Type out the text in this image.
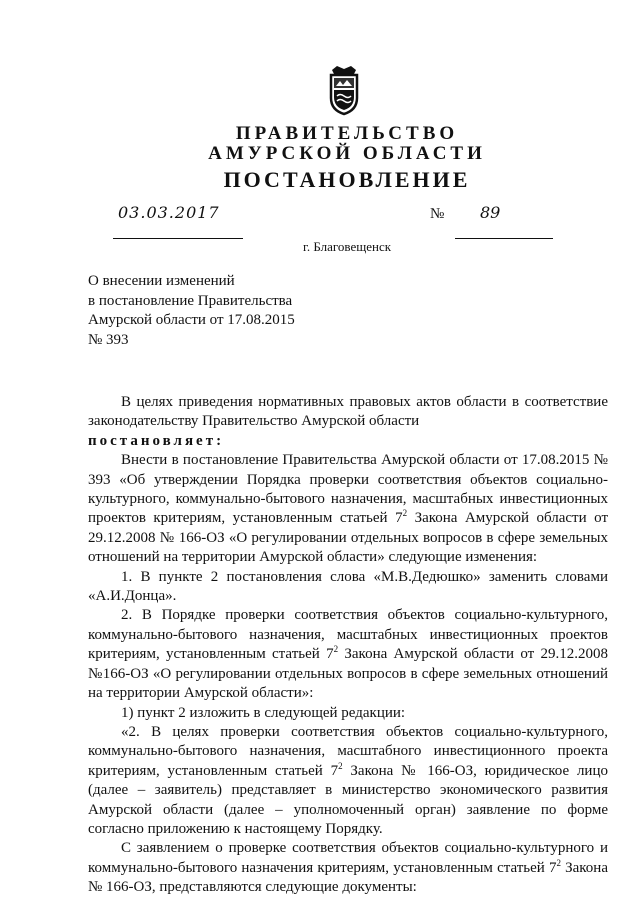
ПРАВИТЕЛЬСТВО
АМУРСКОЙ ОБЛАСТИ
ПОСТАНОВЛЕНИЕ
03.03.2017	№ 89
г. Благовещенск
О внесении изменений
в постановление Правительства
Амурской области от 17.08.2015
№ 393

В целях приведения нормативных правовых актов области в соответствие законодательству Правительство Амурской области

постановляет:

Внести в постановление Правительства Амурской области от 17.08.2015 № 393 «Об утверждении Порядка проверки соответствия объектов социально-культурного, коммунально-бытового назначения, масштабных инвестиционных проектов критериям, установленным статьей $7^2$ Закона Амурской области от 29.12.2008 № 166-ОЗ «О регулировании отдельных вопросов в сфере земельных отношений на территории Амурской области» следующие изменения:

1. В пункте 2 постановления слова «М.В.Дедюшко» заменить словами «А.И.Донца».

2. В Порядке проверки соответствия объектов социально-культурного, коммунально-бытового назначения, масштабных инвестиционных проектов критериям, установленным статьей $7^2$ Закона Амурской области от 29.12.2008 №166-ОЗ «О регулировании отдельных вопросов в сфере земельных отношений на территории Амурской области»:

1) пункт 2 изложить в следующей редакции:

«2. В целях проверки соответствия объектов социально-культурного, коммунально-бытового назначения, масштабного инвестиционного проекта критериям, установленным статьей $7^2$ Закона № 166-ОЗ, юридическое лицо (далее – заявитель) представляет в министерство экономического развития Амурской области (далее – уполномоченный орган) заявление по форме согласно приложению к настоящему Порядку.

С заявлением о проверке соответствия объектов социально-культурного и коммунально-бытового назначения критериям, установленным статьей $7^2$ Закона № 166-ОЗ, представляются следующие документы:
